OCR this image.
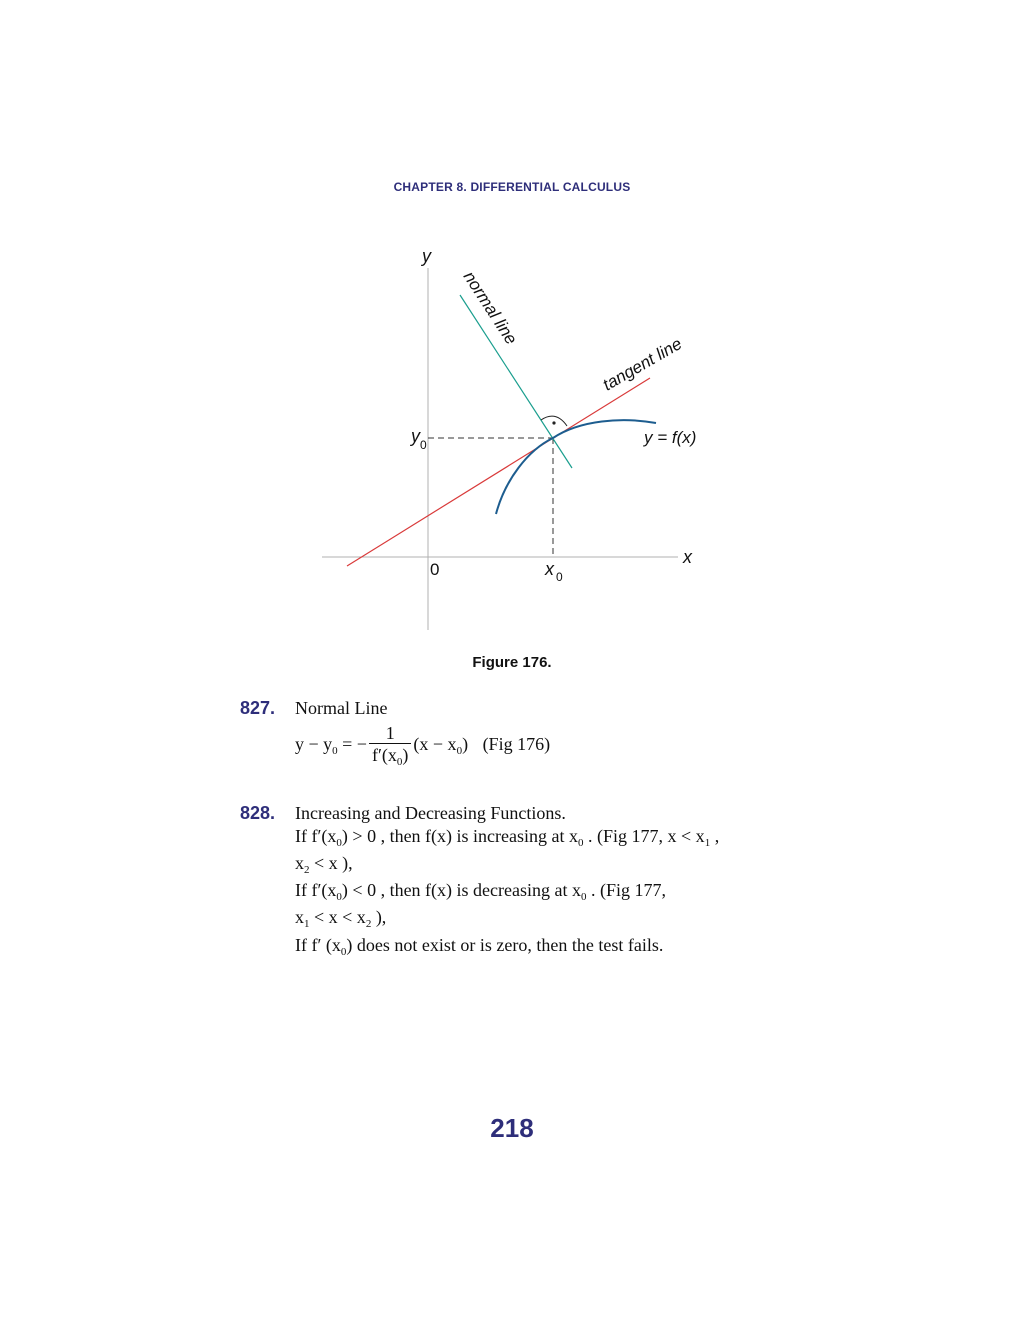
CHAPTER 8. DIFFERENTIAL CALCULUS
y
x
0	x 0
y 0
normal line
tangent line
y = f(x)
Figure 176.
827. Normal Line
$y - y_0$ = − $\frac{1}{f'(x_0)} (x - x_0)$ (Fig 176)
828. Increasing and Decreasing Functions.
If $f'(x_0) > 0$ , then f(x) is increasing at $x_0$ . (Fig 177, $x < x_1$ ,
$x_2 < x$ ),
If $f'(x_0) < 0$ , then f(x) is decreasing at $x_0$ . (Fig 177,
$x_1 < x < x_2$ ),
If f′ $(x_0)$ does not exist or is zero, then the test fails.
218
